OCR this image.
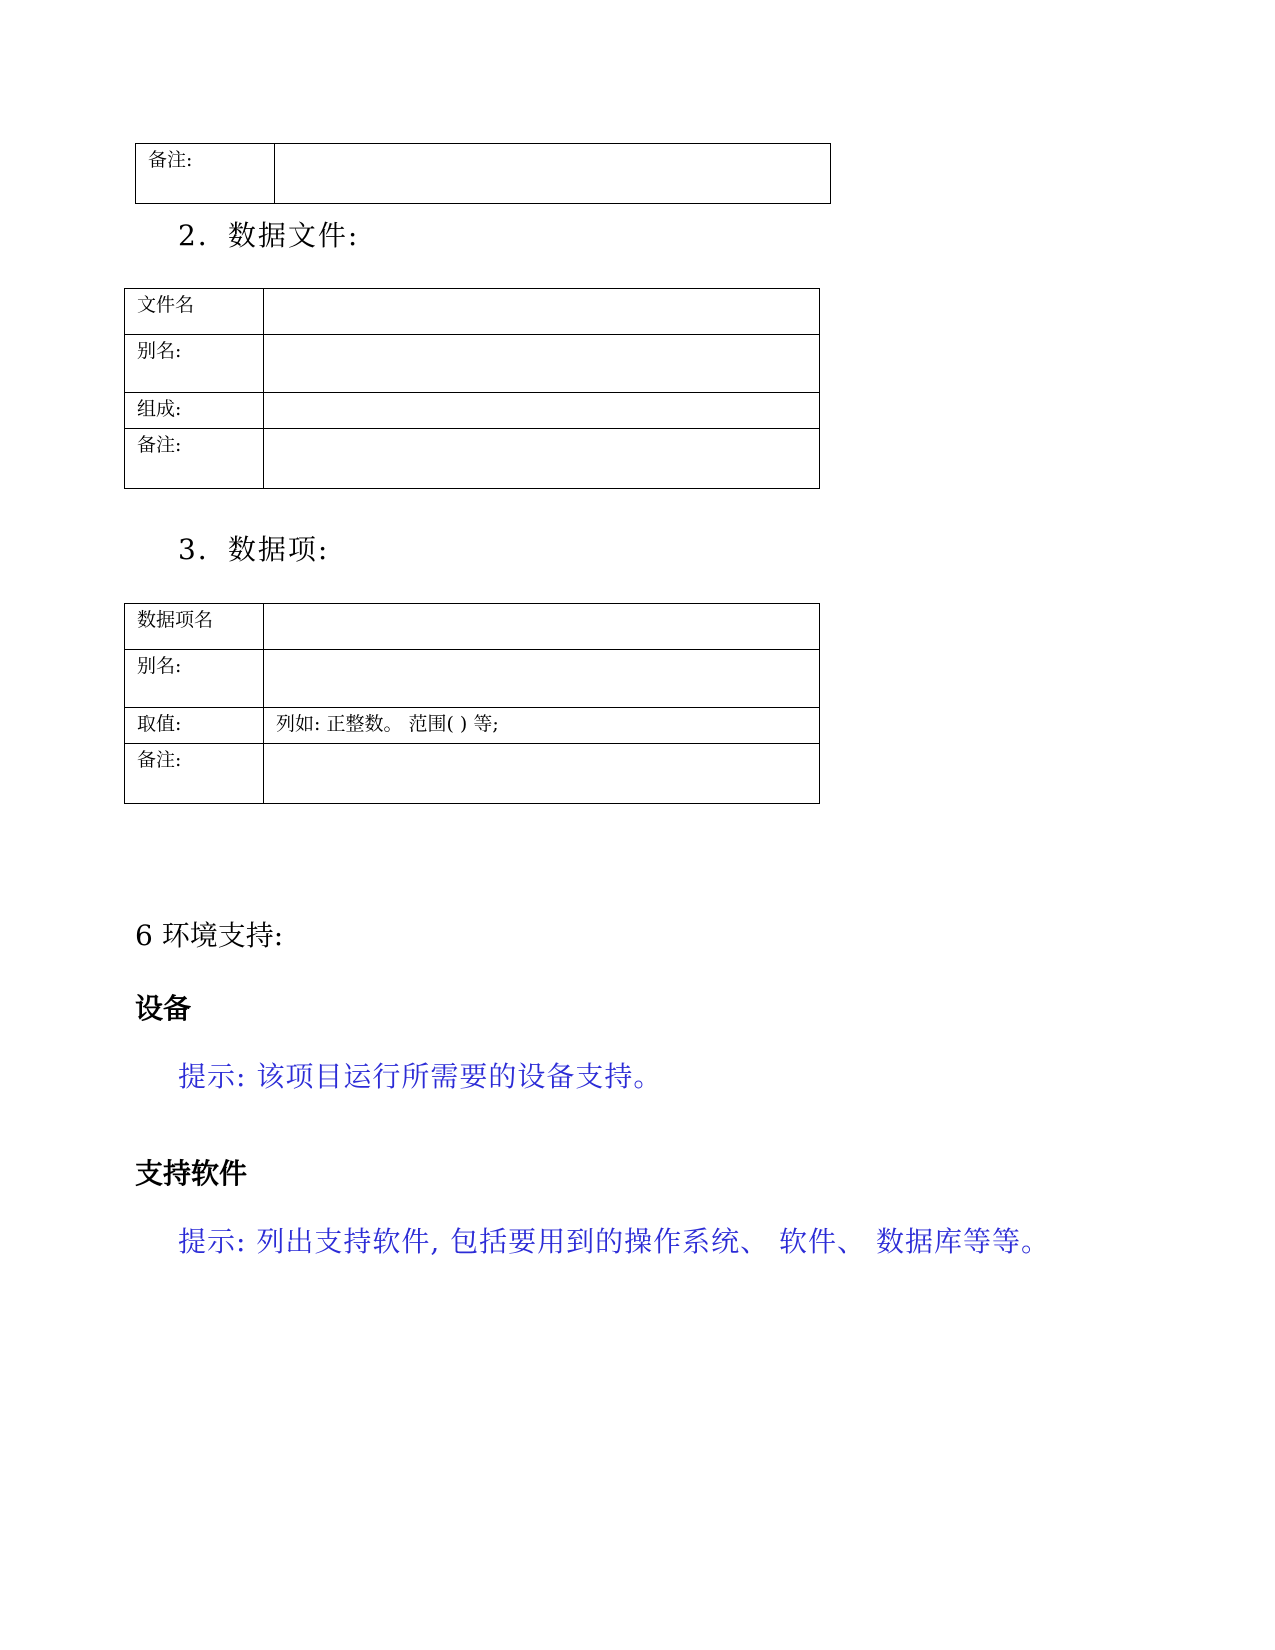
备注:	
2．数据文件:
文件名	
别名:	
组成:	
备注:	
3．数据项:
数据项名	
别名:	
取值:	列如: 正整数。 范围( ) 等;
备注:	
6 环境支持:
设备
提示: 该项目运行所需要的设备支持。
支持软件
提示: 列出支持软件, 包括要用到的操作系统、 软件、 数据库等等。
